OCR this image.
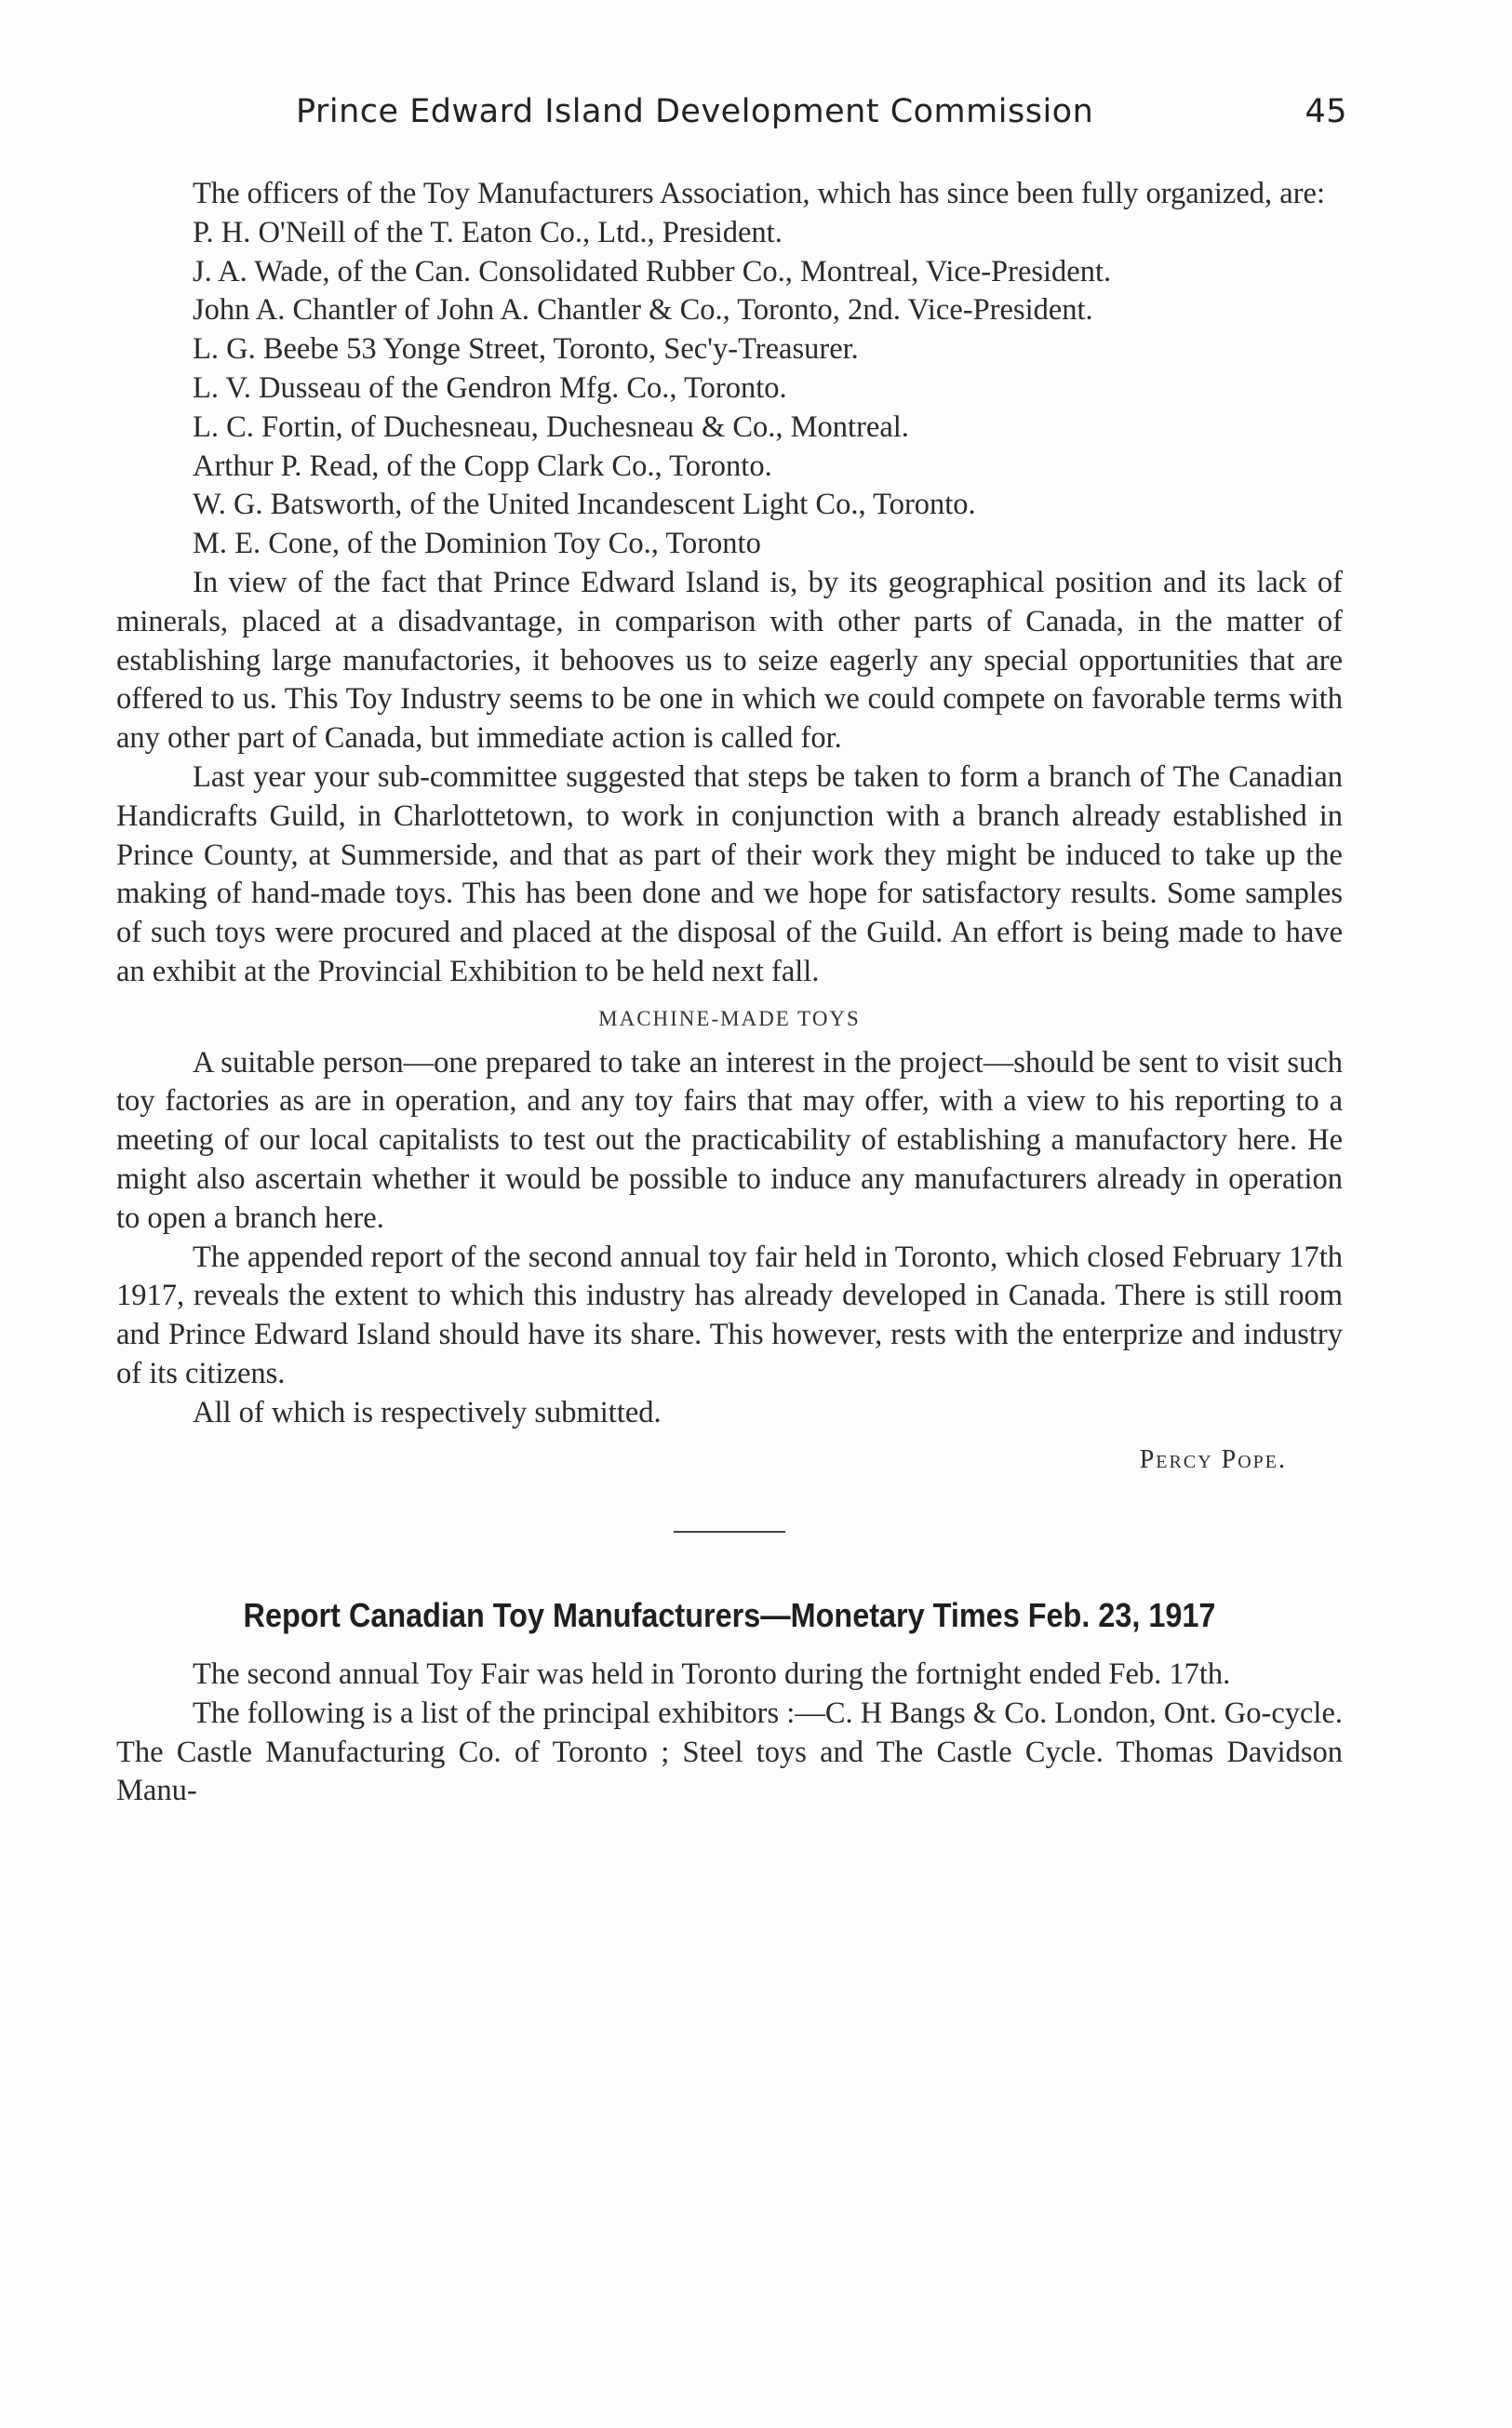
Prince Edward Island Development Commission	45

The officers of the Toy Manufacturers Association, which has since been fully organized, are:

P. H. O'Neill of the T. Eaton Co., Ltd., President.

J. A. Wade, of the Can. Consolidated Rubber Co., Montreal, Vice-President.

John A. Chantler of John A. Chantler & Co., Toronto, 2nd. Vice-President.

L. G. Beebe 53 Yonge Street, Toronto, Sec'y-Treasurer.

L. V. Dusseau of the Gendron Mfg. Co., Toronto.

L. C. Fortin, of Duchesneau, Duchesneau & Co., Montreal.

Arthur P. Read, of the Copp Clark Co., Toronto.

W. G. Batsworth, of the United Incandescent Light Co., Toronto.

M. E. Cone, of the Dominion Toy Co., Toronto

In view of the fact that Prince Edward Island is, by its geographical position and its lack of minerals, placed at a disadvantage, in comparison with other parts of Canada, in the matter of establishing large manufactories, it behooves us to seize eagerly any special opportunities that are offered to us. This Toy Industry seems to be one in which we could compete on favorable terms with any other part of Canada, but immediate action is called for.

Last year your sub-committee suggested that steps be taken to form a branch of The Canadian Handicrafts Guild, in Charlottetown, to work in conjunction with a branch already established in Prince County, at Summerside, and that as part of their work they might be induced to take up the making of hand-made toys. This has been done and we hope for satisfactory results. Some samples of such toys were procured and placed at the disposal of the Guild. An effort is being made to have an exhibit at the Provincial Exhibition to be held next fall.

MACHINE-MADE TOYS

A suitable person—one prepared to take an interest in the project—should be sent to visit such toy factories as are in operation, and any toy fairs that may offer, with a view to his reporting to a meeting of our local capitalists to test out the practicability of establishing a manufactory here. He might also ascertain whether it would be possible to induce any manufacturers already in operation to open a branch here.

The appended report of the second annual toy fair held in Toronto, which closed February 17th 1917, reveals the extent to which this industry has already developed in Canada. There is still room and Prince Edward Island should have its share. This however, rests with the enterprize and industry of its citizens.

All of which is respectively submitted.

Percy Pope.
Report Canadian Toy Manufacturers—Monetary Times Feb. 23, 1917

The second annual Toy Fair was held in Toronto during the fortnight ended Feb. 17th.

The following is a list of the principal exhibitors :—C. H Bangs & Co. London, Ont. Go-cycle. The Castle Manufacturing Co. of Toronto ; Steel toys and The Castle Cycle. Thomas Davidson Manu-
